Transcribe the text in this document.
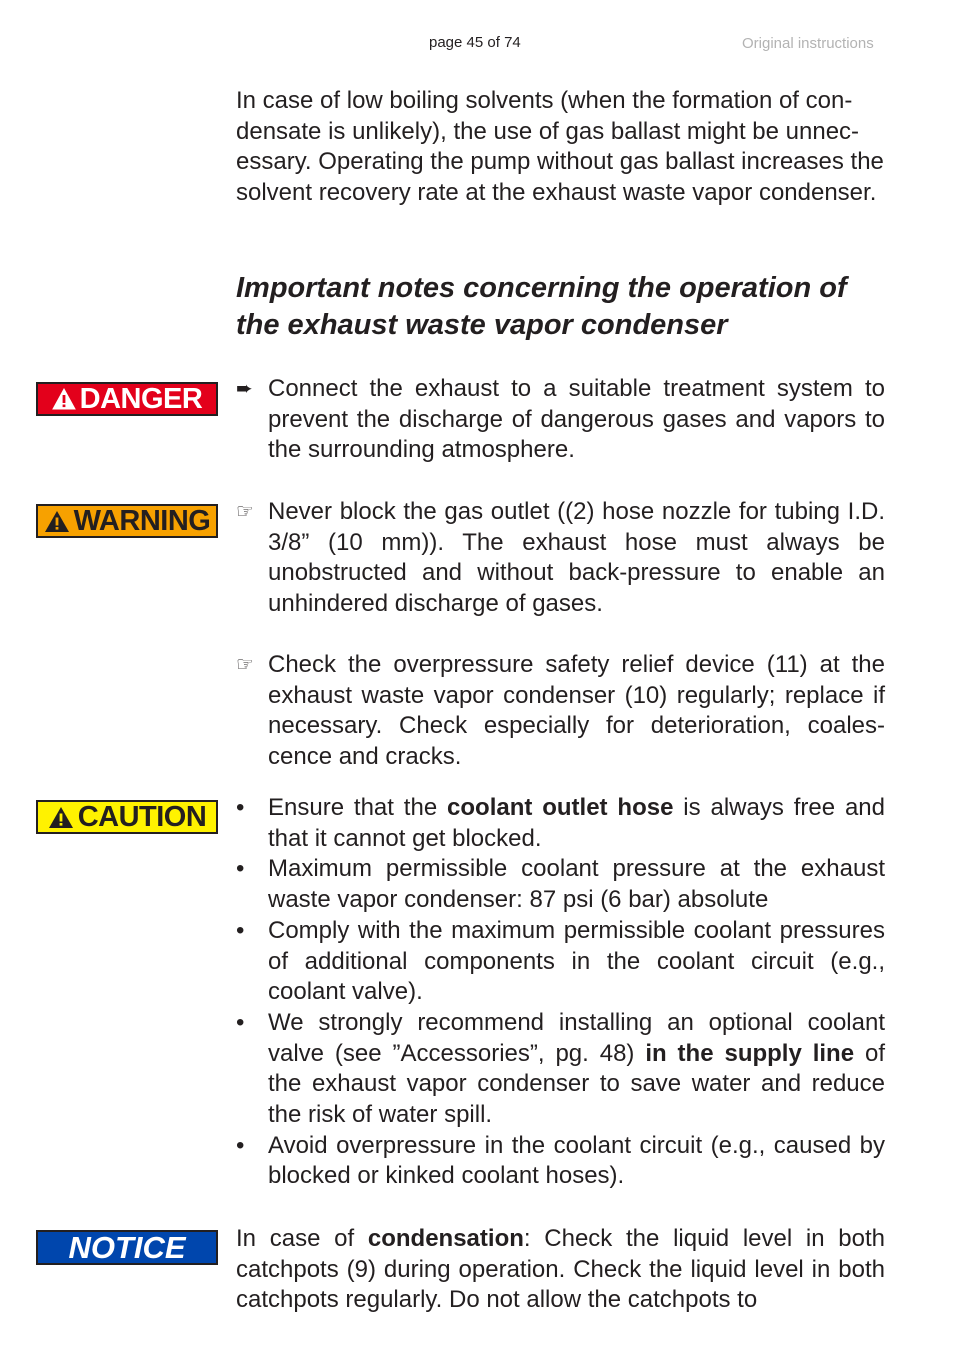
page 45 of 74	Original instructions

In case of low boiling solvents (when the formation of condensate is unlikely), the use of gas ballast might be unnecessary. Operating the pump without gas ballast increases the solvent recovery rate at the exhaust waste vapor condenser.

Important notes concerning the operation of the exhaust waste vapor condenser
DANGER ➨ Connect the exhaust to a suitable treatment system to prevent the discharge of dangerous gases and vapors to the surrounding atmosphere.
WARNING ☞ Never block the gas outlet ((2) hose nozzle for tubing I.D. 3/8” (10 mm)). The exhaust hose must always be unobstructed and without back-pressure to enable an unhindered discharge of gases.
☞ Check the overpressure safety relief device (11) at the exhaust waste vapor condenser (10) regularly; replace if necessary. Check especially for deterioration, coalescence and cracks.
CAUTION • Ensure that the coolant outlet hose is always free and that it cannot get blocked.
• Maximum permissible coolant pressure at the exhaust waste vapor condenser: 87 psi (6 bar) absolute
• Comply with the maximum permissible coolant pressures of additional components in the coolant circuit (e.g., coolant valve).
• We strongly recommend installing an optional coolant valve (see ”Accessories”, pg. 48) in the supply line of the exhaust vapor condenser to save water and reduce the risk of water spill.
• Avoid overpressure in the coolant circuit (e.g., caused by blocked or kinked coolant hoses).
NOTICE In case of condensation: Check the liquid level in both catchpots (9) during operation. Check the liquid level in both catchpots regularly. Do not allow the catchpots to
